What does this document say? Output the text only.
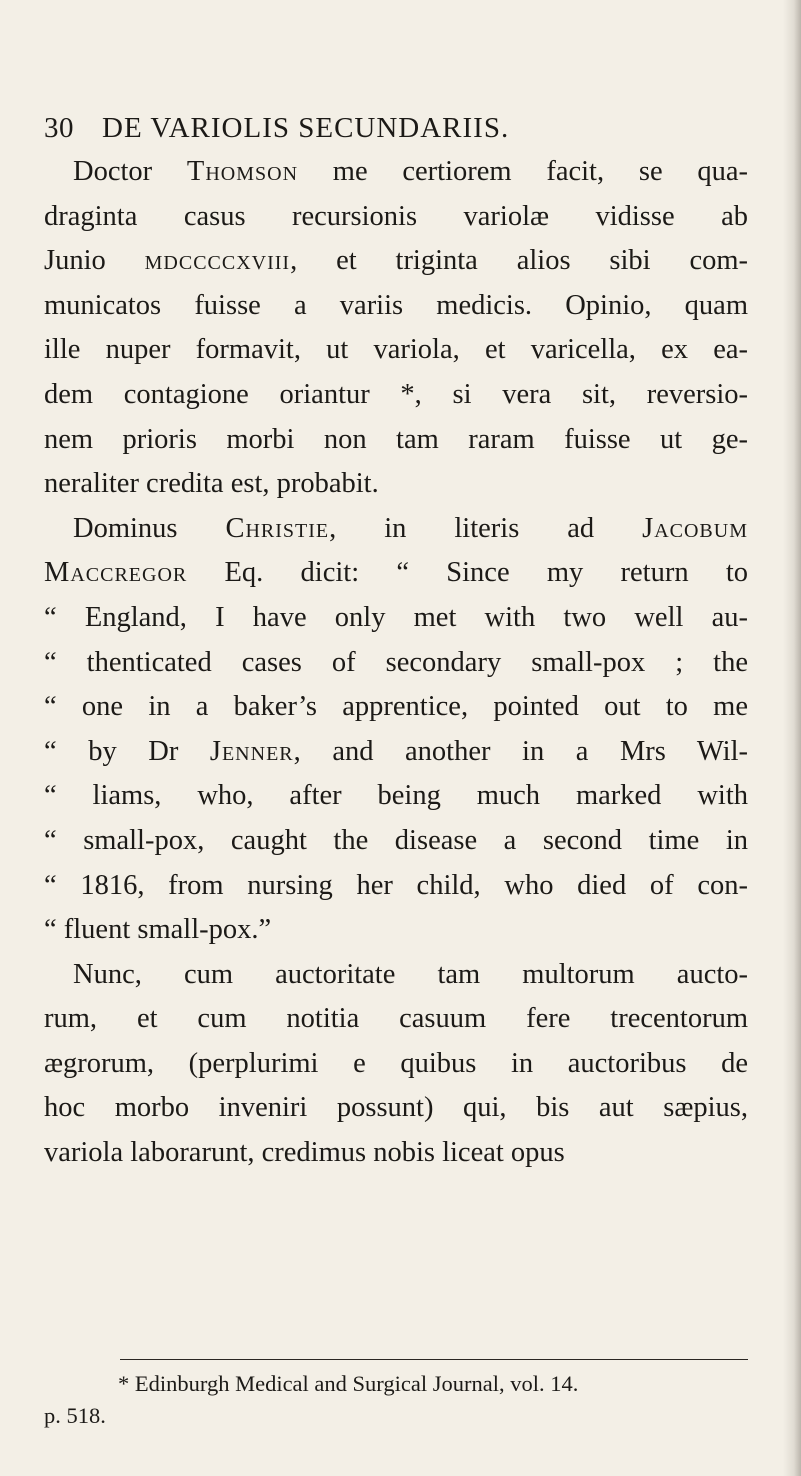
30 DE VARIOLIS SECUNDARIIS.
Doctor Thomson me certiorem facit, se qua-
draginta casus recursionis variolæ vidisse ab
Junio mdccccxviii, et triginta alios sibi com-
municatos fuisse a variis medicis. Opinio, quam
ille nuper formavit, ut variola, et varicella, ex ea-
dem contagione oriantur *, si vera sit, reversio-
nem prioris morbi non tam raram fuisse ut ge-
neraliter credita est, probabit.
Dominus Christie, in literis ad Jacobum
Maccregor Eq. dicit: “ Since my return to
“ England, I have only met with two well au-
“ thenticated cases of secondary small-pox ; the
“ one in a baker’s apprentice, pointed out to me
“ by Dr Jenner, and another in a Mrs Wil-
“ liams, who, after being much marked with
“ small-pox, caught the disease a second time in
“ 1816, from nursing her child, who died of con-
“ fluent small-pox.”
Nunc, cum auctoritate tam multorum aucto-
rum, et cum notitia casuum fere trecentorum
ægrorum, (perplurimi e quibus in auctoribus de
hoc morbo inveniri possunt) qui, bis aut sæpius,
variola laborarunt, credimus nobis liceat opus
* Edinburgh Medical and Surgical Journal, vol. 14.
p. 518.
